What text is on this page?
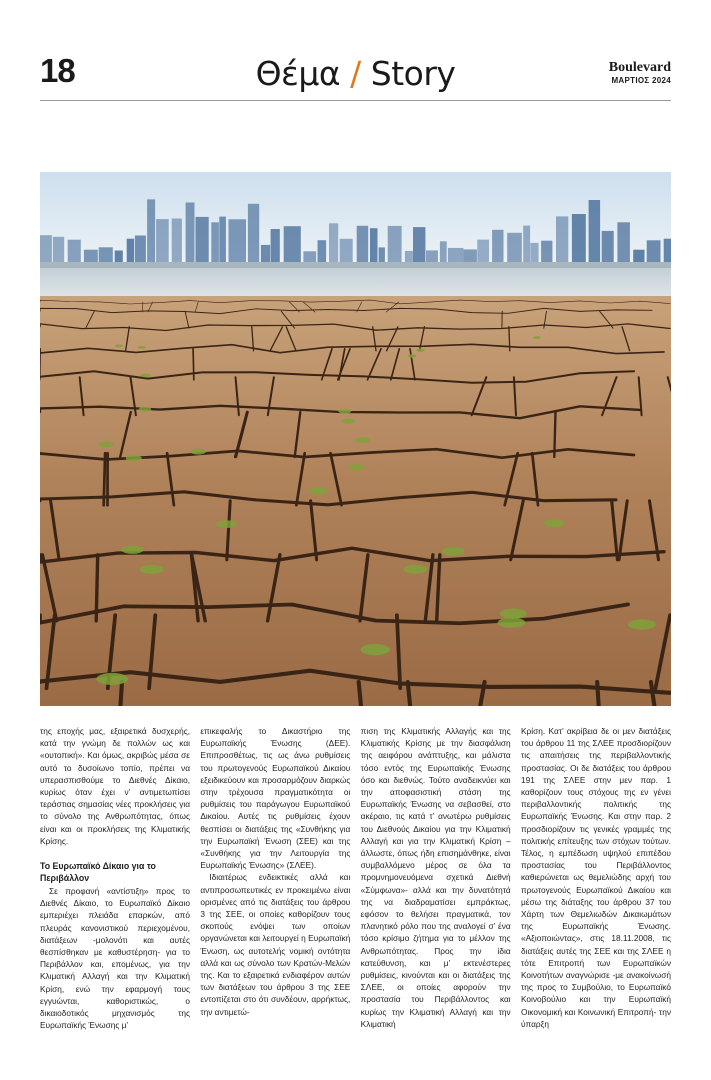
18	Θέμα / Story	Boulevard
ΜΑΡΤΙΟΣ 2024

της εποχής μας, εξαιρετικά δυσχερής, κατά την γνώμη δε πολλών ως και «ουτοπική». Και όμως, ακριβώς μέσα σε αυτό το δυσοίωνο τοπίο, πρέπει να υπερασπισθούμε το Διεθνές Δίκαιο, κυρίως όταν έχει ν’ αντιμετωπίσει τεράστιας σημασίας νέες προκλήσεις για το σύνολο της Ανθρωπότητας, όπως είναι και οι προκλήσεις της Κλιματικής Κρίσης.

Το Ευρωπαϊκό Δίκαιο για το Περιβάλλον

Σε προφανή «αντίστιξη» προς το Διεθνές Δίκαιο, το Ευρωπαϊκό Δίκαιο εμπεριέχει πλειάδα επαρκών, από πλευράς κανονιστικού περιεχομένου, διατάξεων -μολονότι και αυτές θεσπίσθηκαν με καθυστέρηση- για το Περιβάλλον και, επομένως, για την Κλιματική Αλλαγή και την Κλιματική Κρίση, ενώ την εφαρμογή τους εγγυώνται, καθοριστικώς, ο δικαιοδοτικός μηχανισμός της Ευρωπαϊκής Ένωσης μ’

επικεφαλής το Δικαστήριο της Ευρωπαϊκής Ένωσης (ΔΕΕ). Επιπροσθέτως, τις ως άνω ρυθμίσεις του πρωτογενούς Ευρωπαϊκού Δικαίου εξειδικεύουν και προσαρμόζουν διαρκώς στην τρέχουσα πραγματικότητα οι ρυθμίσεις του παράγωγου Ευρωπαϊκού Δικαίου. Αυτές τις ρυθμίσεις έχουν θεσπίσει οι διατάξεις της «Συνθήκης για την Ευρωπαϊκή Ένωση (ΣΕΕ) και της «Συνθήκης για την Λειτουργία της Ευρωπαϊκής Ένωσης» (ΣΛΕΕ).

Ιδιαιτέρως ενδεικτικές αλλά και αντιπροσωπευτικές εν προκειμένω είναι ορισμένες από τις διατάξεις του άρθρου 3 της ΣΕΕ, οι οποίες καθορίζουν τους σκοπούς ενόψει των οποίων οργανώνεται και λειτουργεί η Ευρωπαϊκή Ένωση, ως αυτοτελής νομική οντότητα αλλά και ως σύνολο των Κρατών-Μελών της. Και το εξαιρετικά ενδιαφέρον αυτών των διατάξεων του άρθρου 3 της ΣΕΕ εντοπίζεται στο ότι συνδέουν, αρρήκτως, την αντιμετώ-

πιση της Κλιματικής Αλλαγής και της Κλιματικής Κρίσης με την διασφάλιση της αειφόρου ανάπτυξης, και μάλιστα τόσο εντός της Ευρωπαϊκής Ένωσης όσο και διεθνώς. Τούτο αναδεικνύει και την αποφασιστική στάση της Ευρωπαϊκής Ένωσης να σεβασθεί, στο ακέραιο, τις κατά τ’ ανωτέρω ρυθμίσεις του Διεθνούς Δικαίου για την Κλιματική Αλλαγή και για την Κλιματική Κρίση –άλλωστε, όπως ήδη επισημάνθηκε, είναι συμβαλλόμενο μέρος σε όλα τα προμνημονευόμενα σχετικά Διεθνή «Σύμφωνα»- αλλά και την δυνατότητά της να διαδραματίσει εμπράκτως, εφόσον το θελήσει πραγματικά, τον πλανητικό ρόλο που της αναλογεί σ’ ένα τόσο κρίσιμο ζήτημα για το μέλλον της Ανθρωπότητας. Προς την ίδια κατεύθυνση, και μ’ εκτενέστερες ρυθμίσεις, κινούνται και οι διατάξεις της ΣΛΕΕ, οι οποίες αφορούν την προστασία του Περιβάλλοντος και κυρίως την Κλιματική Αλλαγή και την Κλιματική

Κρίση. Κατ’ ακρίβεια δε οι μεν διατάξεις του άρθρου 11 της ΣΛΕΕ προσδιορίζουν τις απαιτήσεις της περιβαλλοντικής προστασίας. Οι δε διατάξεις του άρθρου 191 της ΣΛΕΕ στην μεν παρ. 1 καθορίζουν τους στόχους της εν γένει περιβαλλοντικής πολιτικής της Ευρωπαϊκής Ένωσης. Και στην παρ. 2 προσδιορίζουν τις γενικές γραμμές της πολιτικής επίτευξης των στόχων τούτων. Τέλος, η εμπέδωση υψηλού επιπέδου προστασίας του Περιβάλλοντος καθιερώνεται ως θεμελιώδης αρχή του πρωτογενούς Ευρωπαϊκού Δικαίου και μέσω της διάταξης του άρθρου 37 του Χάρτη των Θεμελιωδών Δικαιωμάτων της Ευρωπαϊκής Ένωσης. «Αξιοποιώντας», στις 18.11.2008, τις διατάξεις αυτές της ΣΕΕ και της ΣΛΕΕ η τότε Επιτροπή των Ευρωπαϊκών Κοινοτήτων αναγνώρισε -με ανακοίνωσή της προς το Συμβούλιο, το Ευρωπαϊκό Κοινοβούλιο και την Ευρωπαϊκή Οικονομική και Κοινωνική Επιτροπή- την ύπαρξη
